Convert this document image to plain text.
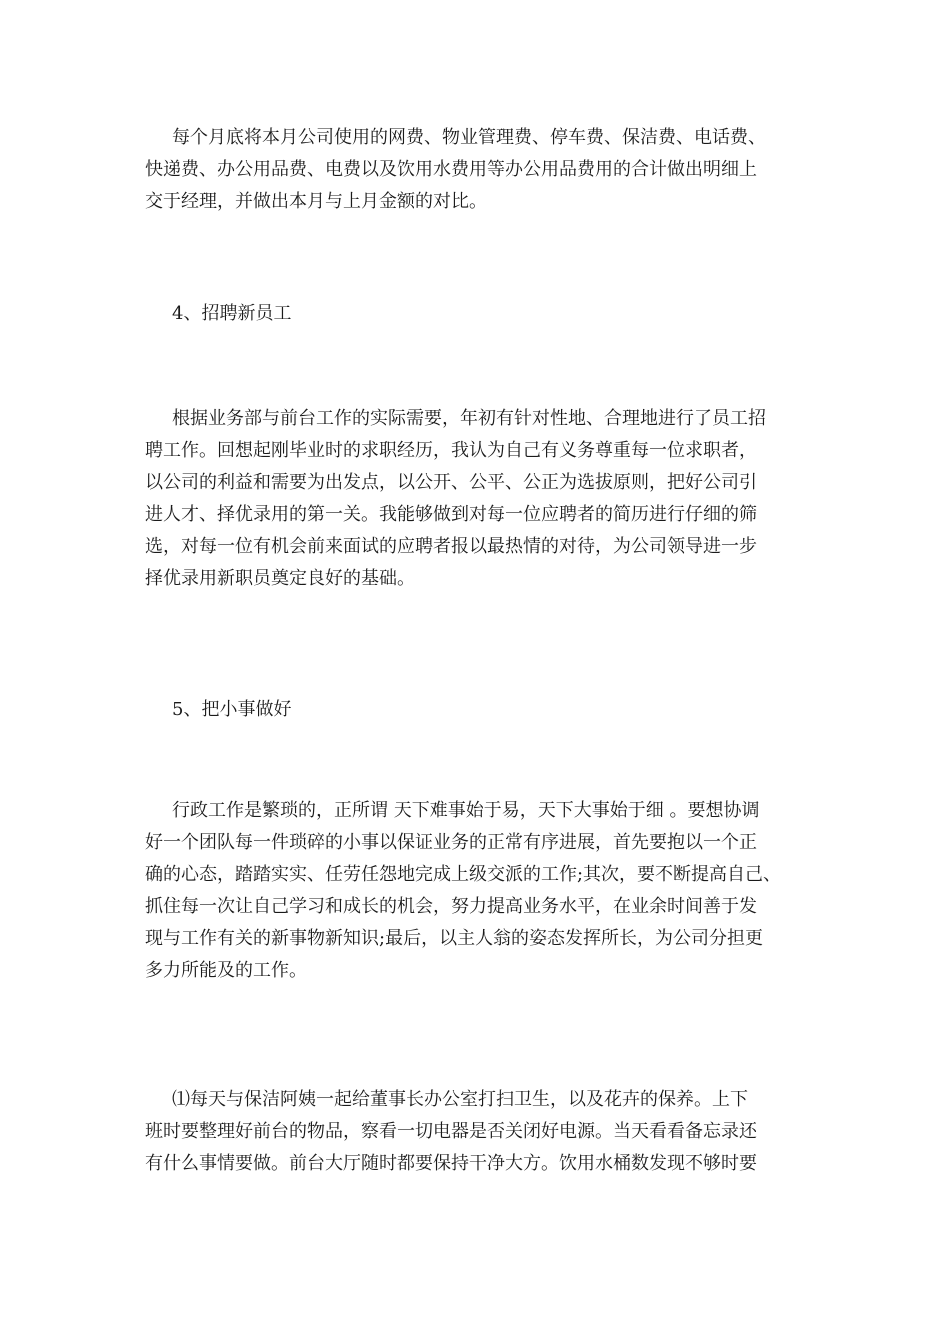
每个月底将本月公司使用的网费、物业管理费、停车费、保洁费、电话费、
快递费、办公用品费、电费以及饮用水费用等办公用品费用的合计做出明细上
交于经理，并做出本月与上月金额的对比。
4、招聘新员工
根据业务部与前台工作的实际需要，年初有针对性地、合理地进行了员工招
聘工作。回想起刚毕业时的求职经历，我认为自己有义务尊重每一位求职者，
以公司的利益和需要为出发点，以公开、公平、公正为选拔原则，把好公司引
进人才、择优录用的第一关。我能够做到对每一位应聘者的简历进行仔细的筛
选，对每一位有机会前来面试的应聘者报以最热情的对待，为公司领导进一步
择优录用新职员奠定良好的基础。
5、把小事做好
行政工作是繁琐的，正所谓 天下难事始于易，天下大事始于细 。要想协调
好一个团队每一件琐碎的小事以保证业务的正常有序进展，首先要抱以一个正
确的心态，踏踏实实、任劳任怨地完成上级交派的工作;其次，要不断提高自己、
抓住每一次让自己学习和成长的机会，努力提高业务水平，在业余时间善于发
现与工作有关的新事物新知识;最后，以主人翁的姿态发挥所长，为公司分担更
多力所能及的工作。
⑴每天与保洁阿姨一起给董事长办公室打扫卫生，以及花卉的保养。上下
班时要整理好前台的物品，察看一切电器是否关闭好电源。当天看看备忘录还
有什么事情要做。前台大厅随时都要保持干净大方。饮用水桶数发现不够时要
